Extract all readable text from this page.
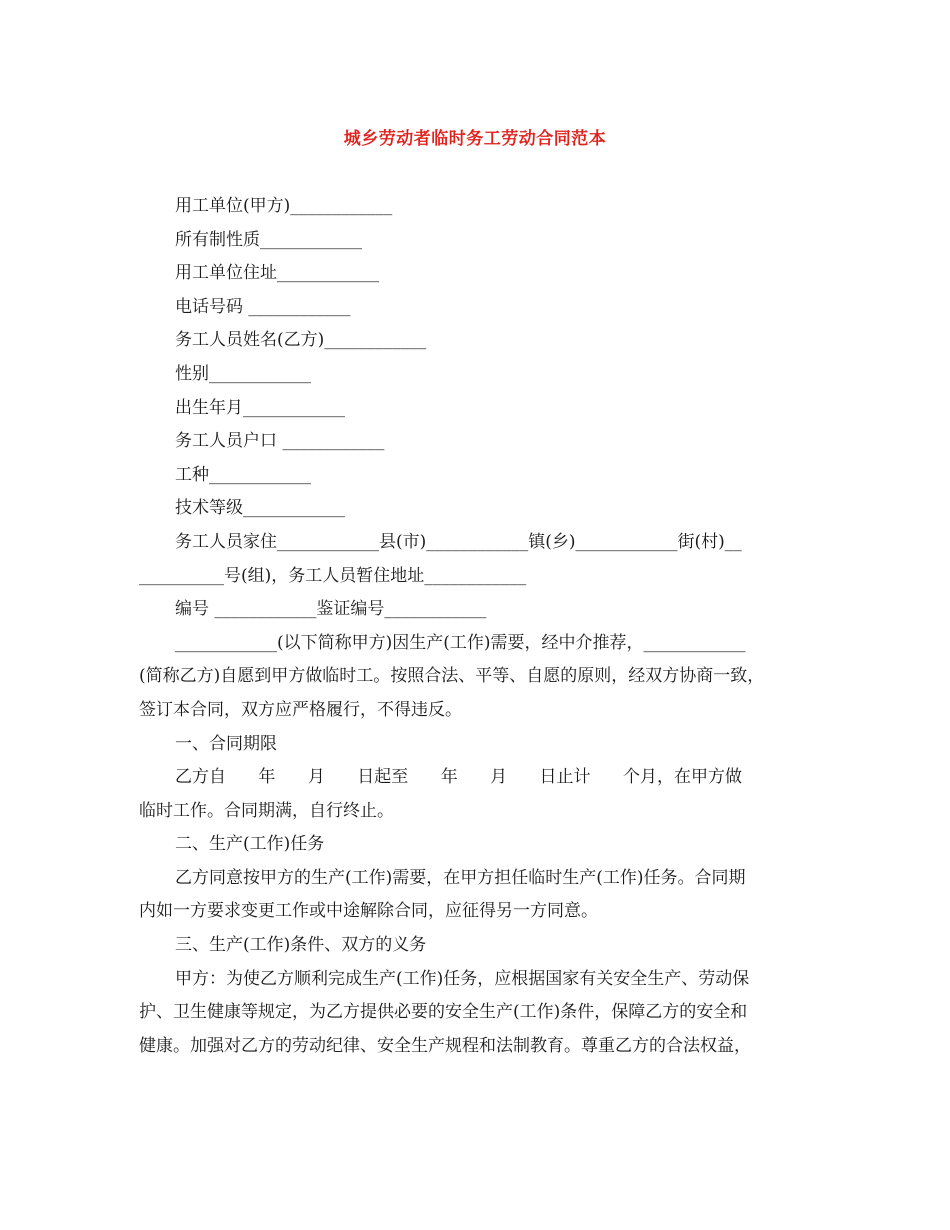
城乡劳动者临时务工劳动合同范本
用工单位(甲方)____________
所有制性质____________
用工单位住址____________
电话号码 ____________
务工人员姓名(乙方)____________
性别____________
出生年月____________
务工人员户口 ____________
工种____________
技术等级____________
务工人员家住____________县(市)____________镇(乡)____________街(村)__
__________号(组)，务工人员暂住地址____________
编号 ____________鉴证编号____________
____________(以下简称甲方)因生产(工作)需要，经中介推荐，____________
(简称乙方)自愿到甲方做临时工。按照合法、平等、自愿的原则，经双方协商一致，
签订本合同，双方应严格履行，不得违反。
一、合同期限
乙方自      年      月      日起至      年      月      日止计      个月，在甲方做
临时工作。合同期满，自行终止。
二、生产(工作)任务
乙方同意按甲方的生产(工作)需要，在甲方担任临时生产(工作)任务。合同期
内如一方要求变更工作或中途解除合同，应征得另一方同意。
三、生产(工作)条件、双方的义务
甲方：为使乙方顺利完成生产(工作)任务，应根据国家有关安全生产、劳动保
护、卫生健康等规定，为乙方提供必要的安全生产(工作)条件，保障乙方的安全和
健康。加强对乙方的劳动纪律、安全生产规程和法制教育。尊重乙方的合法权益，
